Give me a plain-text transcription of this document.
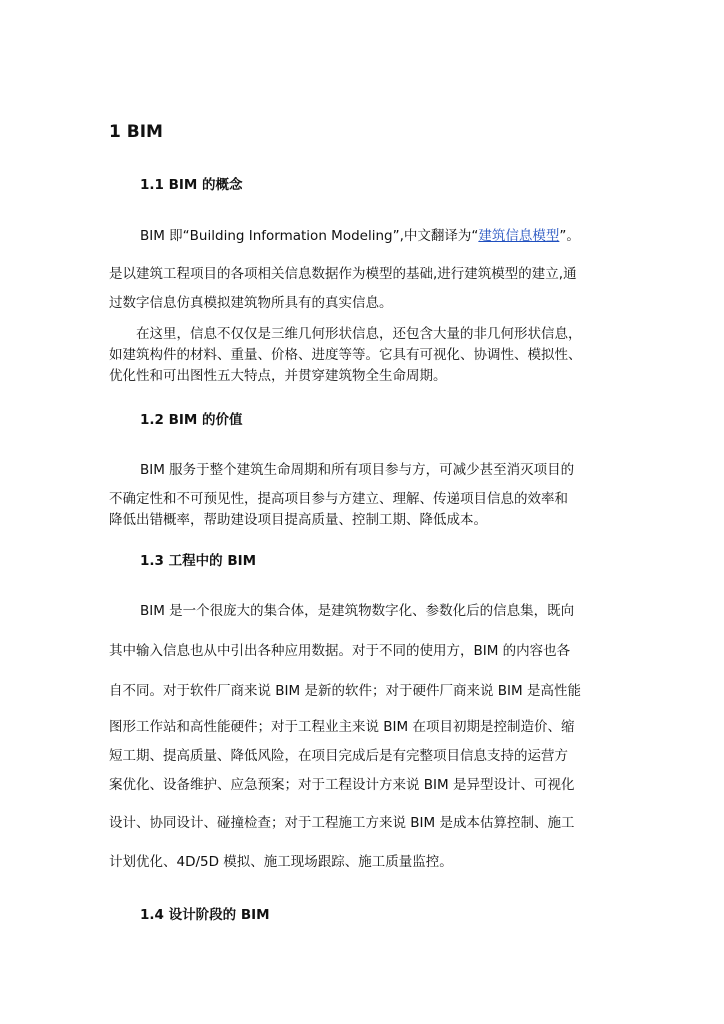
1 BIM
1.1 BIM 的概念

BIM 即“Building Information Modeling”,中文翻译为“建筑信息模型”。

是以建筑工程项目的各项相关信息数据作为模型的基础,进行建筑模型的建立,通

过数字信息仿真模拟建筑物所具有的真实信息。

　　在这里，信息不仅仅是三维几何形状信息，还包含大量的非几何形状信息，

如建筑构件的材料、重量、价格、进度等等。它具有可视化、协调性、模拟性、

优化性和可出图性五大特点，并贯穿建筑物全生命周期。

1.2 BIM 的价值

BIM 服务于整个建筑生命周期和所有项目参与方，可减少甚至消灭项目的

不确定性和不可预见性，提高项目参与方建立、理解、传递项目信息的效率和

降低出错概率，帮助建设项目提高质量、控制工期、降低成本。

1.3 工程中的 BIM

BIM 是一个很庞大的集合体，是建筑物数字化、参数化后的信息集，既向

其中输入信息也从中引出各种应用数据。对于不同的使用方，BIM 的内容也各

自不同。对于软件厂商来说 BIM 是新的软件；对于硬件厂商来说 BIM 是高性能

图形工作站和高性能硬件；对于工程业主来说 BIM 在项目初期是控制造价、缩

短工期、提高质量、降低风险，在项目完成后是有完整项目信息支持的运营方

案优化、设备维护、应急预案；对于工程设计方来说 BIM 是异型设计、可视化

设计、协同设计、碰撞检查；对于工程施工方来说 BIM 是成本估算控制、施工

计划优化、4D/5D 模拟、施工现场跟踪、施工质量监控。

1.4 设计阶段的 BIM
